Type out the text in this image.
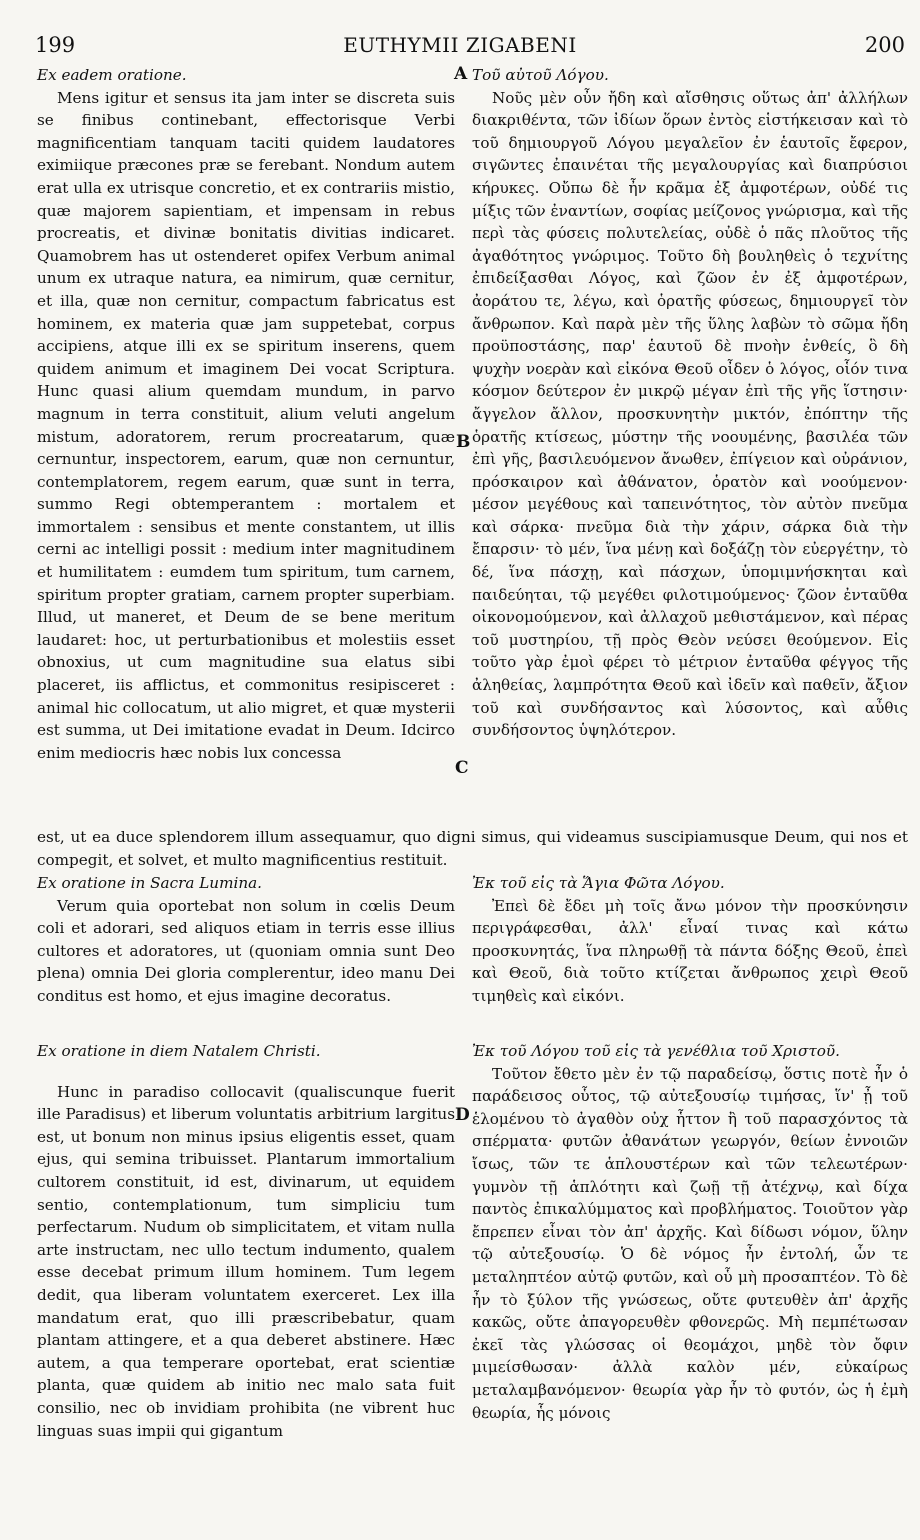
EUTHYMII ZIGABENI
199	200
A
B
C
D

Ex eadem oratione.

Mens igitur et sensus ita jam inter se discreta suis se finibus continebant, effectorisque Verbi magnificentiam tanquam taciti quidem laudatores eximiique præcones præ se ferebant. Nondum autem erat ulla ex utrisque concretio, et ex contrariis mistio, quæ majorem sapientiam, et impensam in rebus procreatis, et divinæ bonitatis divitias indicaret. Quamobrem has ut ostenderet opifex Verbum animal unum ex utraque natura, ea nimirum, quæ cernitur, et illa, quæ non cernitur, compactum fabricatus est hominem, ex materia quæ jam suppetebat, corpus accipiens, atque illi ex se spiritum inserens, quem quidem animum et imaginem Dei vocat Scriptura. Hunc quasi alium quemdam mundum, in parvo magnum in terra constituit, alium veluti angelum mistum, adoratorem, rerum procreatarum, quæ cernuntur, inspectorem, earum, quæ non cernuntur, contemplatorem, regem earum, quæ sunt in terra, summo Regi obtemperantem : mortalem et immortalem : sensibus et mente constantem, ut illis cerni ac intelligi possit : medium inter magnitudinem et humilitatem : eumdem tum spiritum, tum carnem, spiritum propter gratiam, carnem propter superbiam. Illud, ut maneret, et Deum de se bene meritum laudaret: hoc, ut perturbationibus et molestiis esset obnoxius, ut cum magnitudine sua elatus sibi placeret, iis afflictus, et commonitus resipisceret : animal hic collocatum, ut alio migret, et quæ mysterii est summa, ut Dei imitatione evadat in Deum. Idcirco enim mediocris hæc nobis lux concessa

Τοῦ αὐτοῦ Λόγου.

Νοῦς μὲν οὖν ἤδη καὶ αἴσθησις οὕτως ἀπ' ἀλλήλων διακριθέντα, τῶν ἰδίων ὅρων ἐντὸς εἱστήκεισαν καὶ τὸ τοῦ δημιουργοῦ Λόγου μεγαλεῖον ἐν ἑαυτοῖς ἔφερον, σιγῶντες ἐπαινέται τῆς μεγαλουργίας καὶ διαπρύσιοι κήρυκες. Οὔπω δὲ ἦν κρᾶμα ἐξ ἀμφοτέρων, οὐδέ τις μίξις τῶν ἐναντίων, σοφίας μείζονος γνώρισμα, καὶ τῆς περὶ τὰς φύσεις πολυτελείας, οὐδὲ ὁ πᾶς πλοῦτος τῆς ἀγαθότητος γνώριμος. Τοῦτο δὴ βουληθεὶς ὁ τεχνίτης ἐπιδείξασθαι Λόγος, καὶ ζῶον ἐν ἐξ ἀμφοτέρων, ἀοράτου τε, λέγω, καὶ ὁρατῆς φύσεως, δημιουργεῖ τὸν ἄνθρωπον. Καὶ παρὰ μὲν τῆς ὕλης λαβὼν τὸ σῶμα ἤδη προϋποστάσης, παρ' ἑαυτοῦ δὲ πνοὴν ἐνθείς, ὃ δὴ ψυχὴν νοερὰν καὶ εἰκόνα Θεοῦ οἶδεν ὁ λόγος, οἷόν τινα κόσμον δεύτερον ἐν μικρῷ μέγαν ἐπὶ τῆς γῆς ἵστησιν· ἄγγελον ἄλλον, προσκυνητὴν μικτόν, ἐπόπτην τῆς ὁρατῆς κτίσεως, μύστην τῆς νοουμένης, βασιλέα τῶν ἐπὶ γῆς, βασιλευόμενον ἄνωθεν, ἐπίγειον καὶ οὐράνιον, πρόσκαιρον καὶ ἀθάνατον, ὁρατὸν καὶ νοούμενον· μέσον μεγέθους καὶ ταπεινότητος, τὸν αὐτὸν πνεῦμα καὶ σάρκα· πνεῦμα διὰ τὴν χάριν, σάρκα διὰ τὴν ἔπαρσιν· τὸ μέν, ἵνα μένῃ καὶ δοξάζῃ τὸν εὐεργέτην, τὸ δέ, ἵνα πάσχῃ, καὶ πάσχων, ὑπομιμνήσκηται καὶ παιδεύηται, τῷ μεγέθει φιλοτιμούμενος· ζῶον ἐνταῦθα οἰκονομούμενον, καὶ ἀλλαχοῦ μεθιστάμενον, καὶ πέρας τοῦ μυστηρίου, τῇ πρὸς Θεὸν νεύσει θεούμενον. Εἰς τοῦτο γὰρ ἐμοὶ φέρει τὸ μέτριον ἐνταῦθα φέγγος τῆς ἀληθείας, λαμπρότητα Θεοῦ καὶ ἰδεῖν καὶ παθεῖν, ἄξιον τοῦ καὶ συνδήσαντος καὶ λύσοντος, καὶ αὖθις συνδήσοντος ὑψηλότερον.

est, ut ea duce splendorem illum assequamur, quo digni simus, qui videamus suscipiamusque Deum, qui nos et compegit, et solvet, et multo magnificentius restituit.

Ex oratione in Sacra Lumina.

Verum quia oportebat non solum in cœlis Deum coli et adorari, sed aliquos etiam in terris esse illius cultores et adoratores, ut (quoniam omnia sunt Deo plena) omnia Dei gloria complerentur, ideo manu Dei conditus est homo, et ejus imagine decoratus.

Ἐκ τοῦ εἰς τὰ Ἅγια Φῶτα Λόγου.

Ἐπεὶ δὲ ἔδει μὴ τοῖς ἄνω μόνον τὴν προσκύνησιν περιγράφεσθαι, ἀλλ' εἶναί τινας καὶ κάτω προσκυνητάς, ἵνα πληρωθῇ τὰ πάντα δόξης Θεοῦ, ἐπεὶ καὶ Θεοῦ, διὰ τοῦτο κτίζεται ἄνθρωπος χειρὶ Θεοῦ τιμηθεὶς καὶ εἰκόνι.

Ex oratione in diem Natalem Christi.

Hunc in paradiso collocavit (qualiscunque fuerit ille Paradisus) et liberum voluntatis arbitrium largitus est, ut bonum non minus ipsius eligentis esset, quam ejus, qui semina tribuisset. Plantarum immortalium cultorem constituit, id est, divinarum, ut equidem sentio, contemplationum, tum simpliciu tum perfectarum. Nudum ob simplicitatem, et vitam nulla arte instructam, nec ullo tectum indumento, qualem esse decebat primum illum hominem. Tum legem dedit, qua liberam voluntatem exerceret. Lex illa mandatum erat, quo illi præscribebatur, quam plantam attingere, et a qua deberet abstinere. Hæc autem, a qua temperare oportebat, erat scientiæ planta, quæ quidem ab initio nec malo sata fuit consilio, nec ob invidiam prohibita (ne vibrent huc linguas suas impii qui gigantum

Ἐκ τοῦ Λόγου τοῦ εἰς τὰ γενέθλια τοῦ Χριστοῦ.

Τοῦτον ἔθετο μὲν ἐν τῷ παραδείσῳ, ὅστις ποτὲ ἦν ὁ παράδεισος οὗτος, τῷ αὐτεξουσίῳ τιμήσας, ἵν' ᾖ τοῦ ἑλομένου τὸ ἀγαθὸν οὐχ ἧττον ἢ τοῦ παρασχόντος τὰ σπέρματα· φυτῶν ἀθανάτων γεωργόν, θείων ἐννοιῶν ἴσως, τῶν τε ἁπλουστέρων καὶ τῶν τελεωτέρων· γυμνὸν τῇ ἁπλότητι καὶ ζωῇ τῇ ἀτέχνῳ, καὶ δίχα παντὸς ἐπικαλύμματος καὶ προβλήματος. Τοιοῦτον γὰρ ἔπρεπεν εἶναι τὸν ἀπ' ἀρχῆς. Καὶ δίδωσι νόμον, ὕλην τῷ αὐτεξουσίῳ. Ὁ δὲ νόμος ἦν ἐντολή, ὧν τε μεταληπτέον αὐτῷ φυτῶν, καὶ οὗ μὴ προσαπτέον. Τὸ δὲ ἦν τὸ ξύλον τῆς γνώσεως, οὔτε φυτευθὲν ἀπ' ἀρχῆς κακῶς, οὔτε ἀπαγορευθὲν φθονερῶς. Μὴ πεμπέτωσαν ἐκεῖ τὰς γλώσσας οἱ θεομάχοι, μηδὲ τὸν ὄφιν μιμείσθωσαν· ἀλλὰ καλὸν μέν, εὐκαίρως μεταλαμβανόμενον· θεωρία γὰρ ἦν τὸ φυτόν, ὡς ἡ ἐμὴ θεωρία, ἧς μόνοις
